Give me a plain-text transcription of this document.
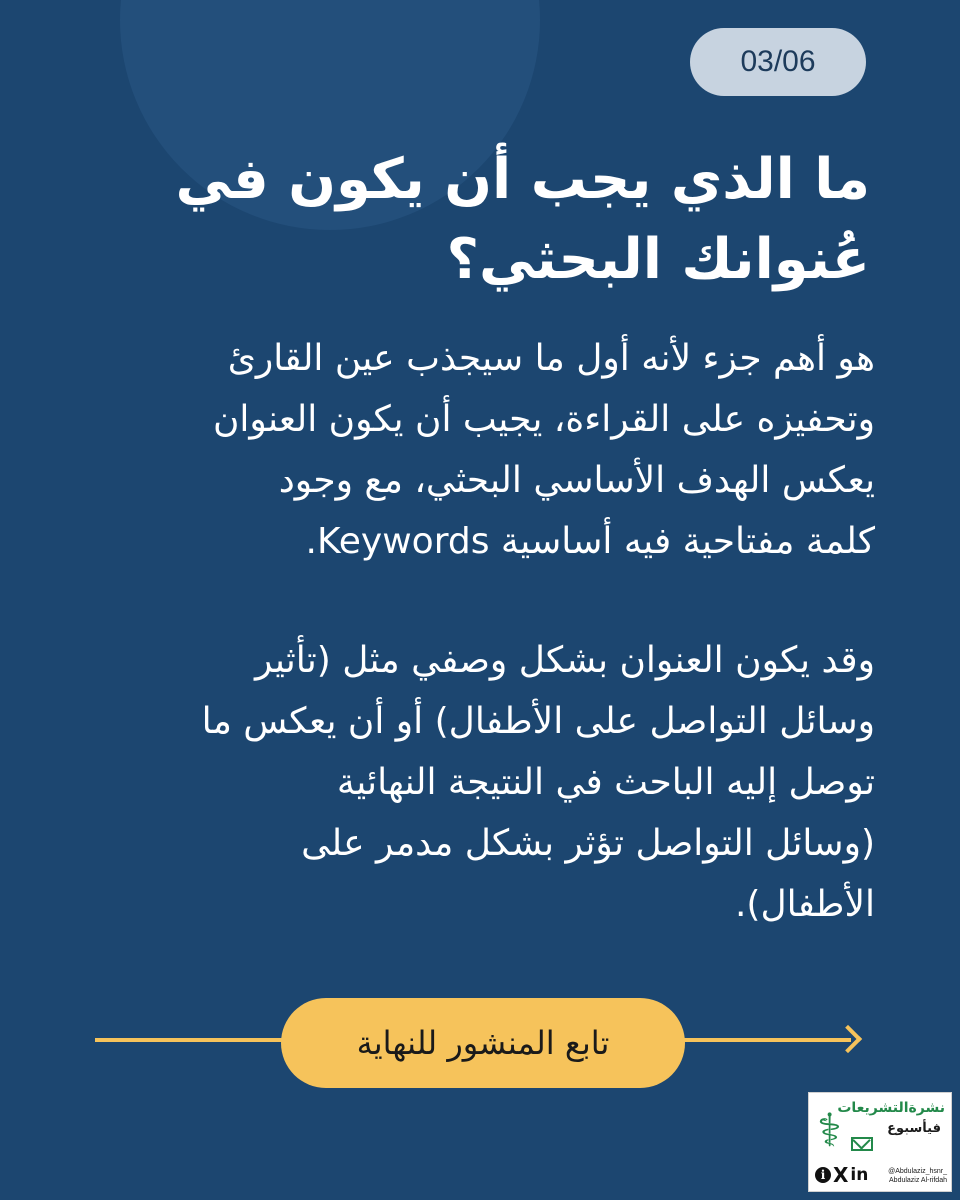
03/06
ما الذي يجب أن يكون في
عُنوانك البحثي؟

هو أهم جزء لأنه أول ما سيجذب عين القارئ
وتحفيزه على القراءة، يجيب أن يكون العنوان
يعكس الهدف الأساسي البحثي، مع وجود
كلمة مفتاحية فيه أساسية Keywords.

وقد يكون العنوان بشكل وصفي مثل (تأثير
وسائل التواصل على الأطفال) أو أن يعكس ما
توصل إليه الباحث في النتيجة النهائية
(وسائل التواصل تؤثر بشكل مدمر على
الأطفال).

تابع المنشور للنهاية
⚕
نشرةالتشريعات
فيأسبوع
i X in	@Abdulaziz_hsnr_
Abdulaziz Al-rifdah
